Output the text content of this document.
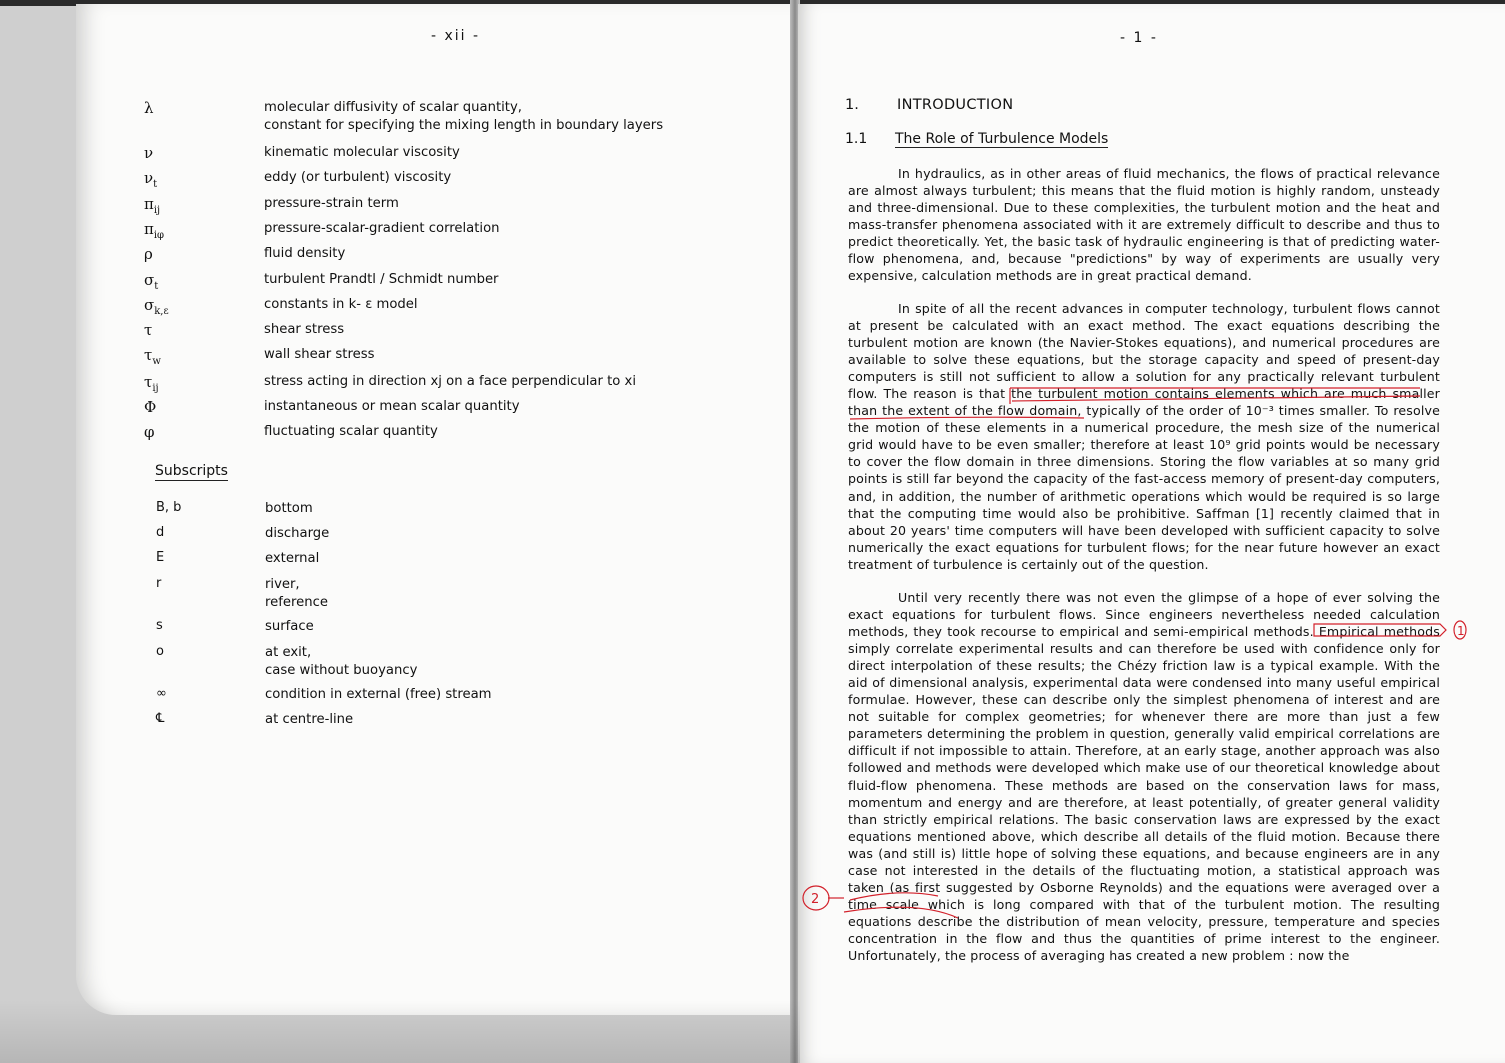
- xii -
λ	molecular diffusivity of scalar quantity,
constant for specifying the mixing length in boundary layers
ν	kinematic molecular viscosity
$\nu_t$	eddy (or turbulent) viscosity
$\pi_{ij}$	pressure-strain term
$\pi_{i\varphi}$	pressure-scalar-gradient correlation
ρ	fluid density
$\sigma_t$	turbulent Prandtl / Schmidt number
$\sigma_{k,\varepsilon}$	constants in k- ε model
τ	shear stress
$\tau_w$	wall shear stress
$\tau_{ij}$	stress acting in direction xj on a face perpendicular to xi
Φ	instantaneous or mean scalar quantity
φ	fluctuating scalar quantity
Subscripts
B, b	bottom
d	discharge
E	external
r	river,
reference
s	surface
o	at exit,
case without buoyancy
∞	condition in external (free) stream
℄	at centre-line
- 1 -
1.	INTRODUCTION
1.1 The Role of Turbulence Models
In hydraulics, as in other areas of fluid mechanics, the flows of practical relevance are almost always turbulent; this means that the fluid motion is highly random, unsteady and three-dimensional. Due to these complexities, the turbulent motion and the heat and mass-transfer phenomena associated with it are extremely difficult to describe and thus to predict theoretically. Yet, the basic task of hydraulic engineering is that of predicting water-flow phenomena, and, because "predictions" by way of experiments are usually very expensive, calculation methods are in great practical demand.
In spite of all the recent advances in computer technology, turbulent flows cannot at present be calculated with an exact method. The exact equations describing the turbulent motion are known (the Navier-Stokes equations), and numerical procedures are available to solve these equations, but the storage capacity and speed of present-day computers is still not sufficient to allow a solution for any practically relevant turbulent flow. The reason is that the turbulent motion contains elements which are much smaller than the extent of the flow domain, typically of the order of 10⁻³ times smaller. To resolve the motion of these elements in a numerical procedure, the mesh size of the numerical grid would have to be even smaller; therefore at least 10⁹ grid points would be necessary to cover the flow domain in three dimensions. Storing the flow variables at so many grid points is still far beyond the capacity of the fast-access memory of present-day computers, and, in addition, the number of arithmetic operations which would be required is so large that the computing time would also be prohibitive. Saffman [1] recently claimed that in about 20 years' time computers will have been developed with sufficient capacity to solve numerically the exact equations for turbulent flows; for the near future however an exact treatment of turbulence is certainly out of the question.
Until very recently there was not even the glimpse of a hope of ever solving the exact equations for turbulent flows. Since engineers nevertheless needed calculation methods, they took recourse to empirical and semi-empirical methods. Empirical methods simply correlate experimental results and can therefore be used with confidence only for direct interpolation of these results; the Chézy friction law is a typical example. With the aid of dimensional analysis, experimental data were condensed into many useful empirical formulae. However, these can describe only the simplest phenomena of interest and are not suitable for complex geometries; for whenever there are more than just a few parameters determining the problem in question, generally valid empirical correlations are difficult if not impossible to attain. Therefore, at an early stage, another approach was also followed and methods were developed which make use of our theoretical knowledge about fluid-flow phenomena. These methods are based on the conservation laws for mass, momentum and energy and are therefore, at least potentially, of greater general validity than strictly empirical relations. The basic conservation laws are expressed by the exact equations mentioned above, which describe all details of the fluid motion. Because there was (and still is) little hope of solving these equations, and because engineers are in any case not interested in the details of the fluctuating motion, a statistical approach was taken (as first suggested by Osborne Reynolds) and the equations were averaged over a time scale which is long compared with that of the turbulent motion. The resulting equations describe the distribution of mean velocity, pressure, temperature and species concentration in the flow and thus the quantities of prime interest to the engineer. Unfortunately, the process of averaging has created a new problem : now the
1
2
